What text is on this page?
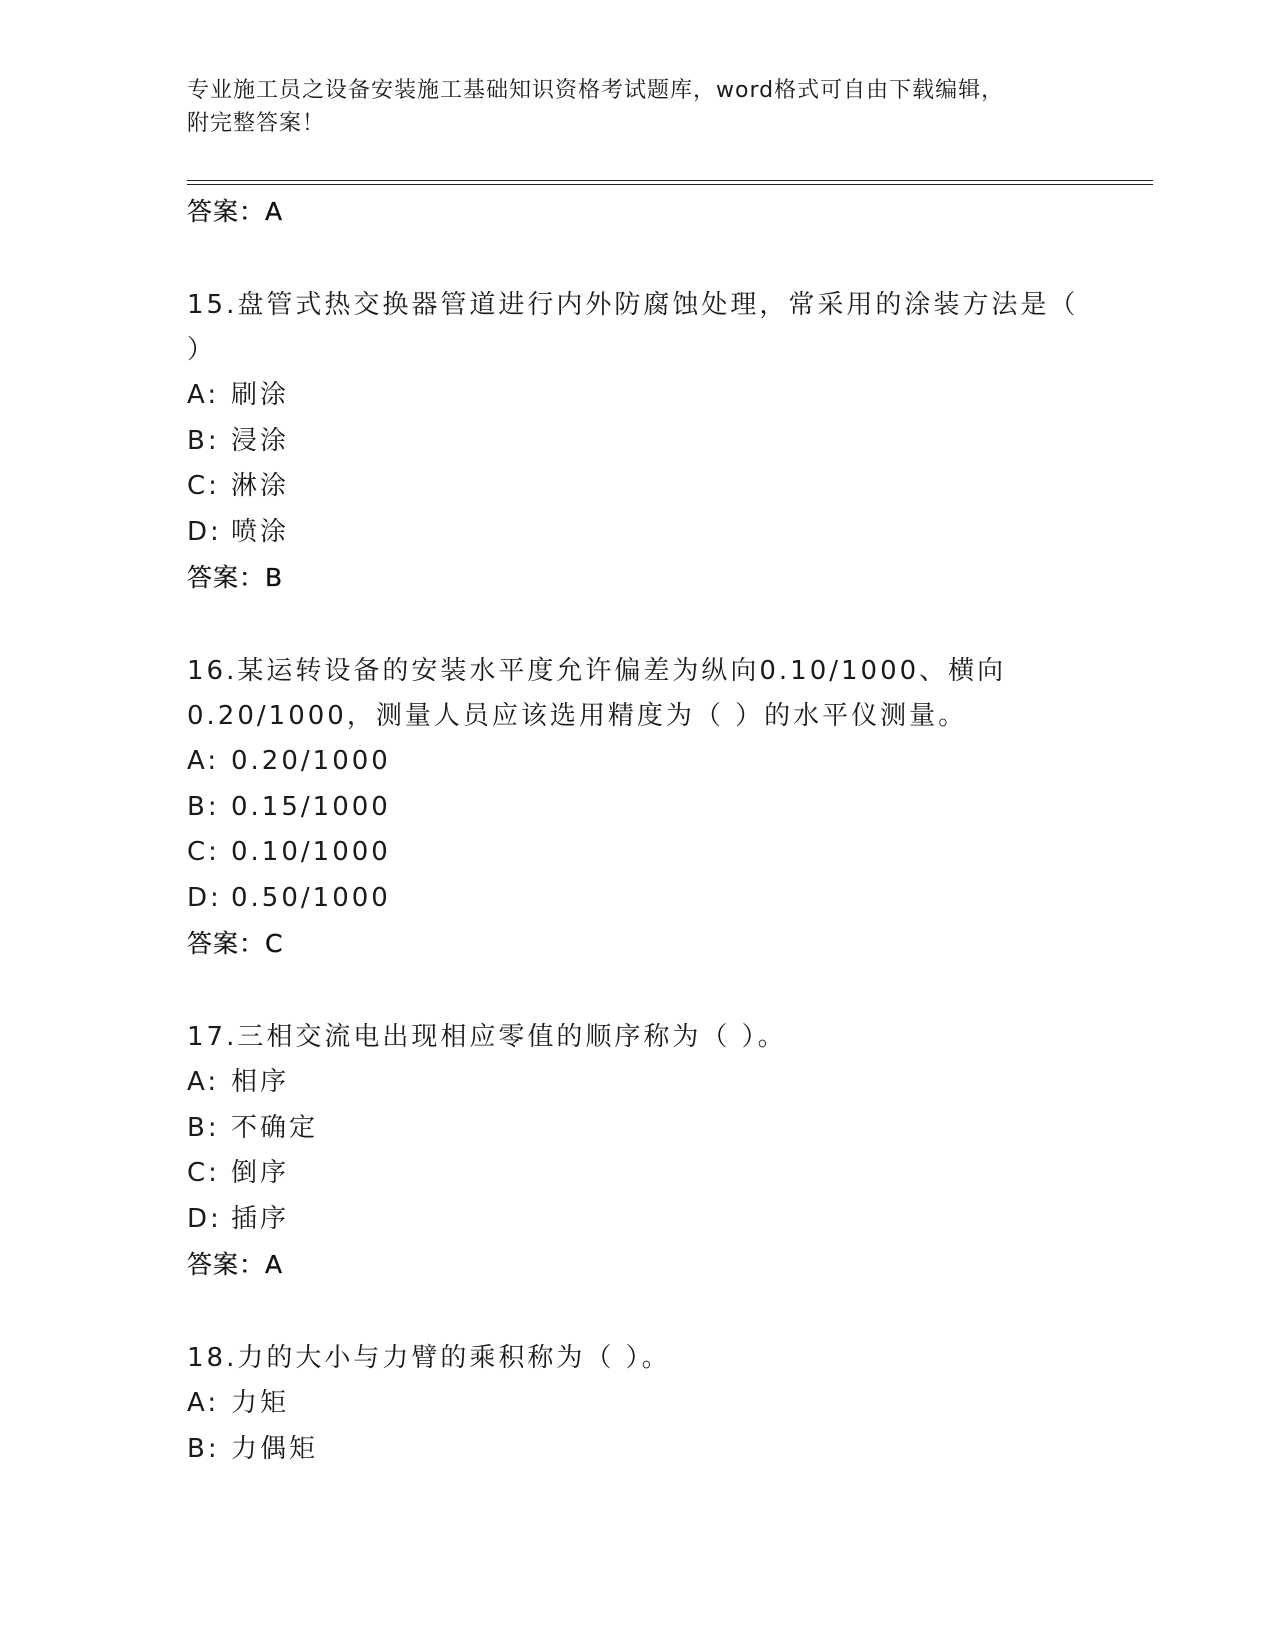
专业施工员之设备安装施工基础知识资格考试题库，word格式可自由下载编辑，
附完整答案！
答案：A
15.盘管式热交换器管道进行内外防腐蚀处理，常采用的涂装方法是（
）
A: 刷涂
B: 浸涂
C: 淋涂
D: 喷涂
答案：B
16.某运转设备的安装水平度允许偏差为纵向0.10/1000、横向
0.20/1000，测量人员应该选用精度为（ ）的水平仪测量。
A: 0.20/1000
B: 0.15/1000
C: 0.10/1000
D: 0.50/1000
答案：C
17.三相交流电出现相应零值的顺序称为（ ）。
A: 相序
B: 不确定
C: 倒序
D: 插序
答案：A
18.力的大小与力臂的乘积称为（ ）。
A: 力矩
B: 力偶矩
